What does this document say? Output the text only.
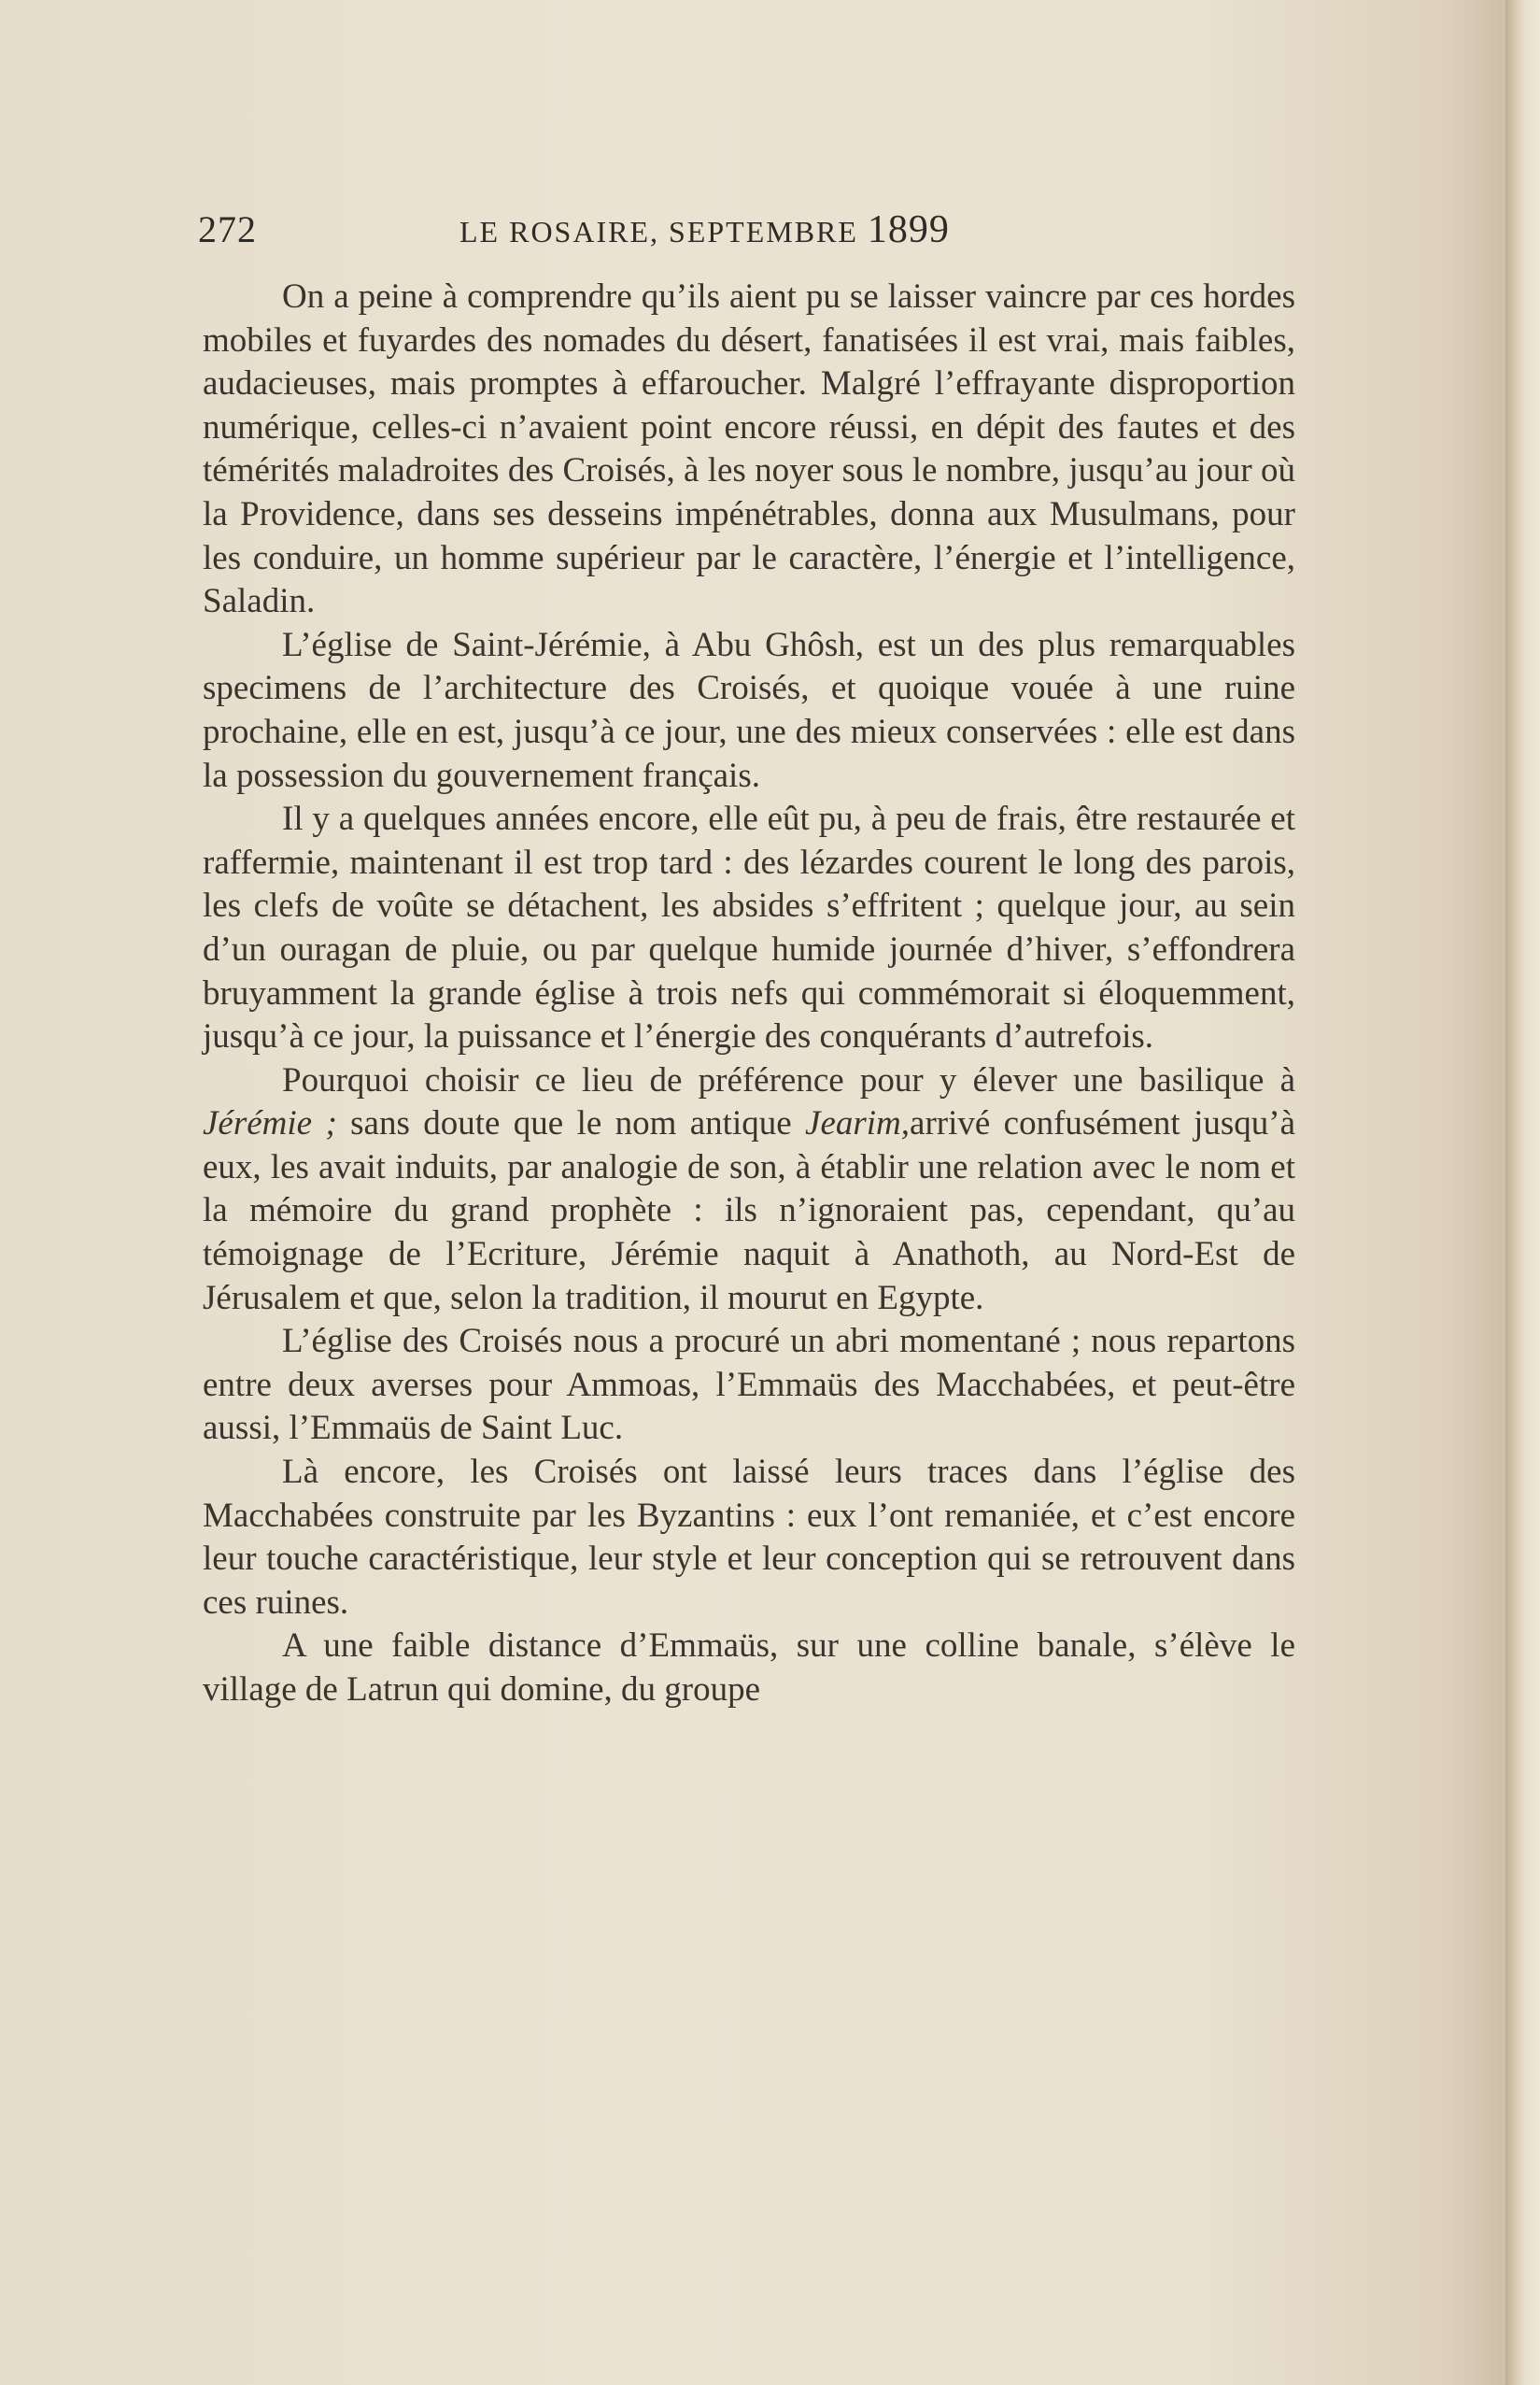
272	LE ROSAIRE, SEPTEMBRE 1899

On a peine à comprendre qu’ils aient pu se laisser vaincre par ces hordes mobiles et fuyardes des nomades du désert, fanatisées il est vrai, mais faibles, audacieuses, mais promptes à effaroucher. Malgré l’effrayante disproportion numérique, celles-ci n’avaient point encore réussi, en dépit des fautes et des témérités maladroites des Croisés, à les noyer sous le nombre, jusqu’au jour où la Providence, dans ses desseins impénétrables, donna aux Musulmans, pour les conduire, un homme supérieur par le caractère, l’énergie et l’intelligence, Saladin.

L’église de Saint-Jérémie, à Abu Ghôsh, est un des plus remarquables specimens de l’architecture des Croisés, et quoique vouée à une ruine prochaine, elle en est, jusqu’à ce jour, une des mieux conservées : elle est dans la possession du gouvernement français.

Il y a quelques années encore, elle eût pu, à peu de frais, être restaurée et raffermie, maintenant il est trop tard : des lézardes courent le long des parois, les clefs de voûte se détachent, les absides s’effritent ; quelque jour, au sein d’un ouragan de pluie, ou par quelque humide journée d’hiver, s’effondrera bruyamment la grande église à trois nefs qui commémorait si éloquemment, jusqu’à ce jour, la puissance et l’énergie des conquérants d’autrefois.

Pourquoi choisir ce lieu de préférence pour y élever une basilique à Jérémie ; sans doute que le nom antique Jearim,arrivé confusément jusqu’à eux, les avait induits, par analogie de son, à établir une relation avec le nom et la mémoire du grand prophète : ils n’ignoraient pas, cependant, qu’au témoignage de l’Ecriture, Jérémie naquit à Anathoth, au Nord-Est de Jérusalem et que, selon la tradition, il mourut en Egypte.

L’église des Croisés nous a procuré un abri momentané ; nous repartons entre deux averses pour Ammoas, l’Emmaüs des Macchabées, et peut-être aussi, l’Emmaüs de Saint Luc.

Là encore, les Croisés ont laissé leurs traces dans l’église des Macchabées construite par les Byzantins : eux l’ont remaniée, et c’est encore leur touche caractéristique, leur style et leur conception qui se retrouvent dans ces ruines.

A une faible distance d’Emmaüs, sur une colline banale, s’élève le village de Latrun qui domine, du groupe
